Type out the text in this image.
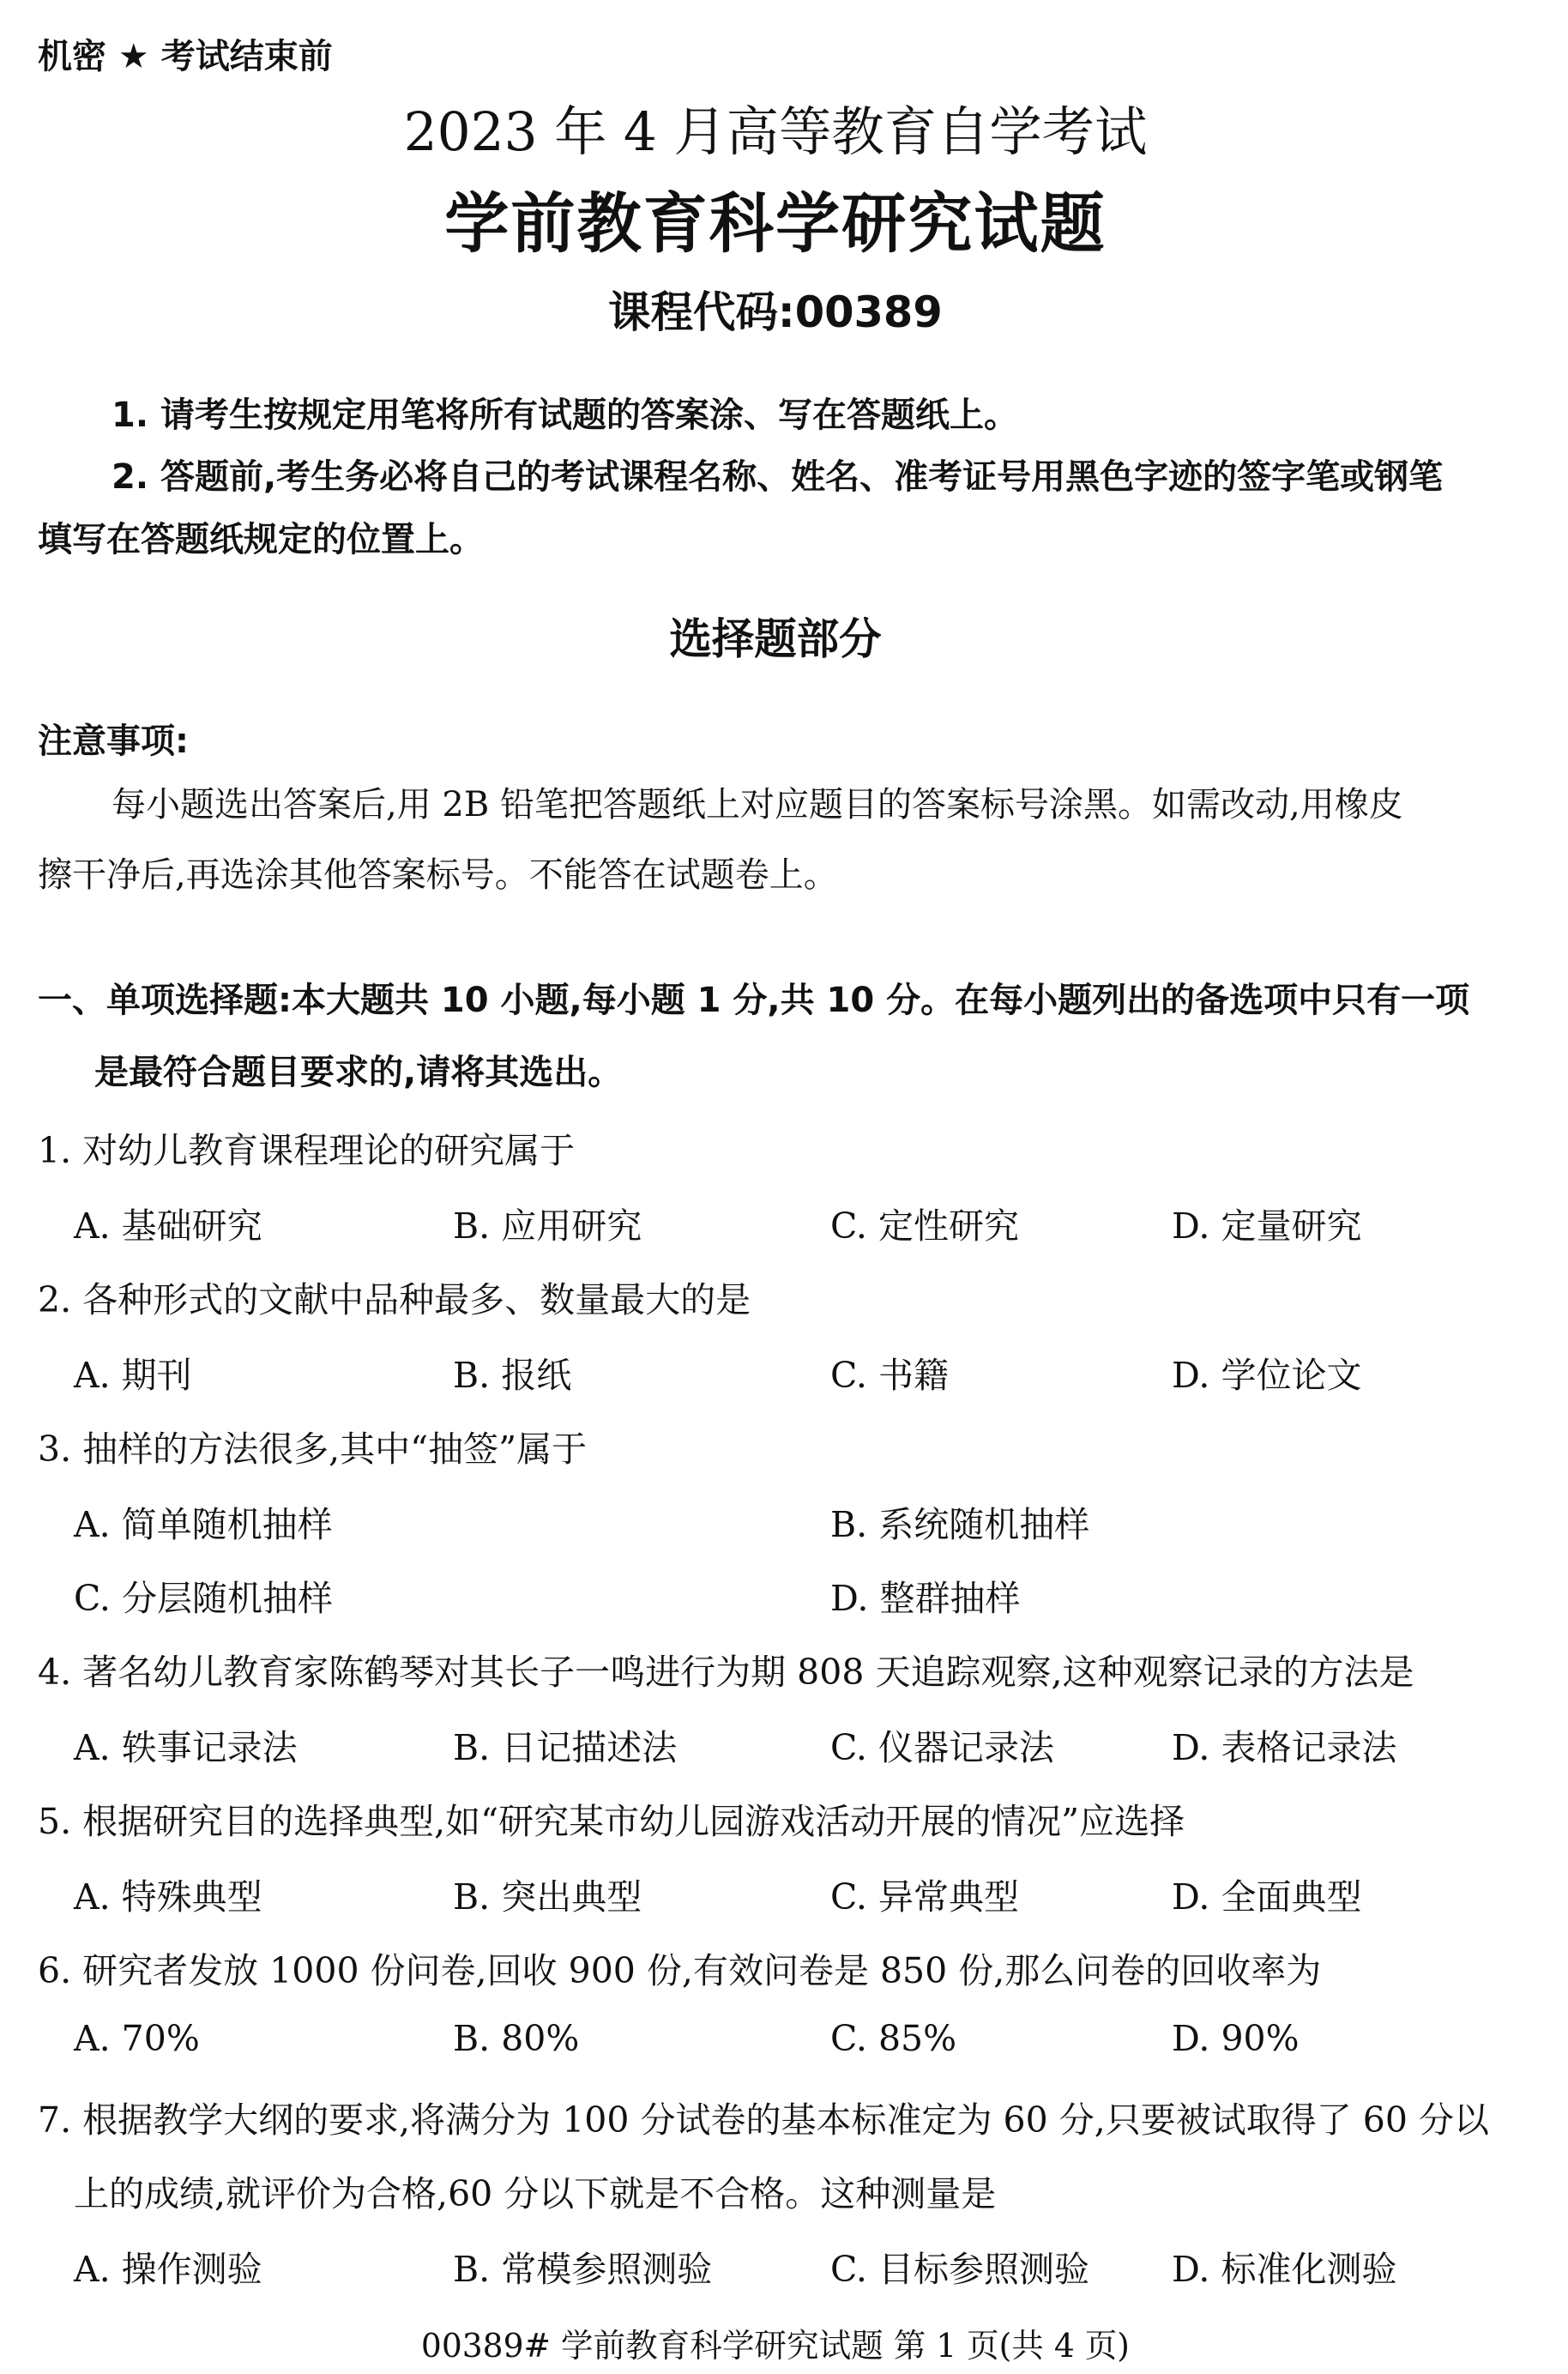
机密 ★ 考试结束前
2023 年 4 月高等教育自学考试
学前教育科学研究试题
课程代码:00389
1. 请考生按规定用笔将所有试题的答案涂、写在答题纸上。
2. 答题前,考生务必将自己的考试课程名称、姓名、准考证号用黑色字迹的签字笔或钢笔
填写在答题纸规定的位置上。
选择题部分
注意事项:
每小题选出答案后,用 2B 铅笔把答题纸上对应题目的答案标号涂黑。如需改动,用橡皮
擦干净后,再选涂其他答案标号。不能答在试题卷上。
一、单项选择题:本大题共 10 小题,每小题 1 分,共 10 分。在每小题列出的备选项中只有一项
是最符合题目要求的,请将其选出。
1. 对幼儿教育课程理论的研究属于
A. 基础研究	B. 应用研究	C. 定性研究	D. 定量研究
2. 各种形式的文献中品种最多、数量最大的是
A. 期刊	B. 报纸	C. 书籍	D. 学位论文
3. 抽样的方法很多,其中“抽签”属于
A. 简单随机抽样	B. 系统随机抽样
C. 分层随机抽样	D. 整群抽样
4. 著名幼儿教育家陈鹤琴对其长子一鸣进行为期 808 天追踪观察,这种观察记录的方法是
A. 轶事记录法	B. 日记描述法	C. 仪器记录法	D. 表格记录法
5. 根据研究目的选择典型,如“研究某市幼儿园游戏活动开展的情况”应选择
A. 特殊典型	B. 突出典型	C. 异常典型	D. 全面典型
6. 研究者发放 1000 份问卷,回收 900 份,有效问卷是 850 份,那么问卷的回收率为
A. 70%	B. 80%	C. 85%	D. 90%
7. 根据教学大纲的要求,将满分为 100 分试卷的基本标准定为 60 分,只要被试取得了 60 分以
上的成绩,就评价为合格,60 分以下就是不合格。这种测量是
A. 操作测验	B. 常模参照测验	C. 目标参照测验 D. 标准化测验
00389# 学前教育科学研究试题 第 1 页(共 4 页)
